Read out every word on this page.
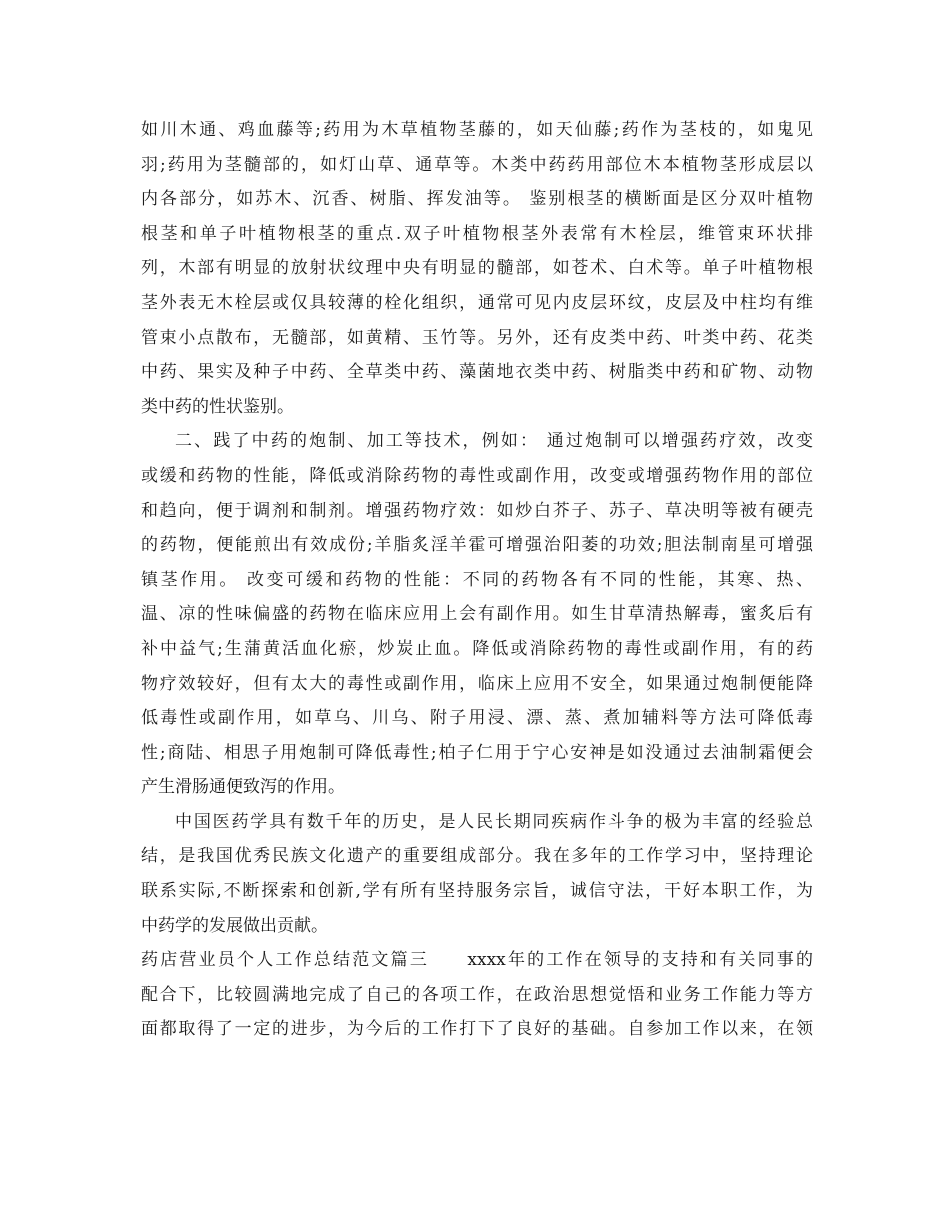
如川木通、鸡血藤等;药用为木草植物茎藤的，如天仙藤;药作为茎枝的，如鬼见
羽;药用为茎髓部的，如灯山草、通草等。木类中药药用部位木本植物茎形成层以
内各部分，如苏木、沉香、树脂、挥发油等。 鉴别根茎的横断面是区分双叶植物
根茎和单子叶植物根茎的重点.双子叶植物根茎外表常有木栓层，维管束环状排
列，木部有明显的放射状纹理中央有明显的髓部，如苍术、白术等。单子叶植物根
茎外表无木栓层或仅具较薄的栓化组织，通常可见内皮层环纹，皮层及中柱均有维
管束小点散布，无髓部，如黄精、玉竹等。另外，还有皮类中药、叶类中药、花类
中药、果实及种子中药、全草类中药、藻菌地衣类中药、树脂类中药和矿物、动物
类中药的性状鉴别。
二、践了中药的炮制、加工等技术，例如： 通过炮制可以增强药疗效，改变
或缓和药物的性能，降低或消除药物的毒性或副作用，改变或增强药物作用的部位
和趋向，便于调剂和制剂。增强药物疗效：如炒白芥子、苏子、草决明等被有硬壳
的药物，便能煎出有效成份;羊脂炙淫羊霍可增强治阳萎的功效;胆法制南星可增强
镇茎作用。 改变可缓和药物的性能：不同的药物各有不同的性能，其寒、热、
温、凉的性味偏盛的药物在临床应用上会有副作用。如生甘草清热解毒，蜜炙后有
补中益气;生蒲黄活血化瘀，炒炭止血。降低或消除药物的毒性或副作用，有的药
物疗效较好，但有太大的毒性或副作用，临床上应用不安全，如果通过炮制便能降
低毒性或副作用，如草乌、川乌、附子用浸、漂、蒸、煮加辅料等方法可降低毒
性;商陆、相思子用炮制可降低毒性;柏子仁用于宁心安神是如没通过去油制霜便会
产生滑肠通便致泻的作用。
中国医药学具有数千年的历史，是人民长期同疾病作斗争的极为丰富的经验总
结，是我国优秀民族文化遗产的重要组成部分。我在多年的工作学习中，坚持理论
联系实际,不断探索和创新,学有所有坚持服务宗旨，诚信守法，干好本职工作，为
中药学的发展做出贡献。
药店营业员个人工作总结范文篇三　　xxxx年的工作在领导的支持和有关同事的
配合下，比较圆满地完成了自己的各项工作，在政治思想觉悟和业务工作能力等方
面都取得了一定的进步，为今后的工作打下了良好的基础。自参加工作以来，在领
